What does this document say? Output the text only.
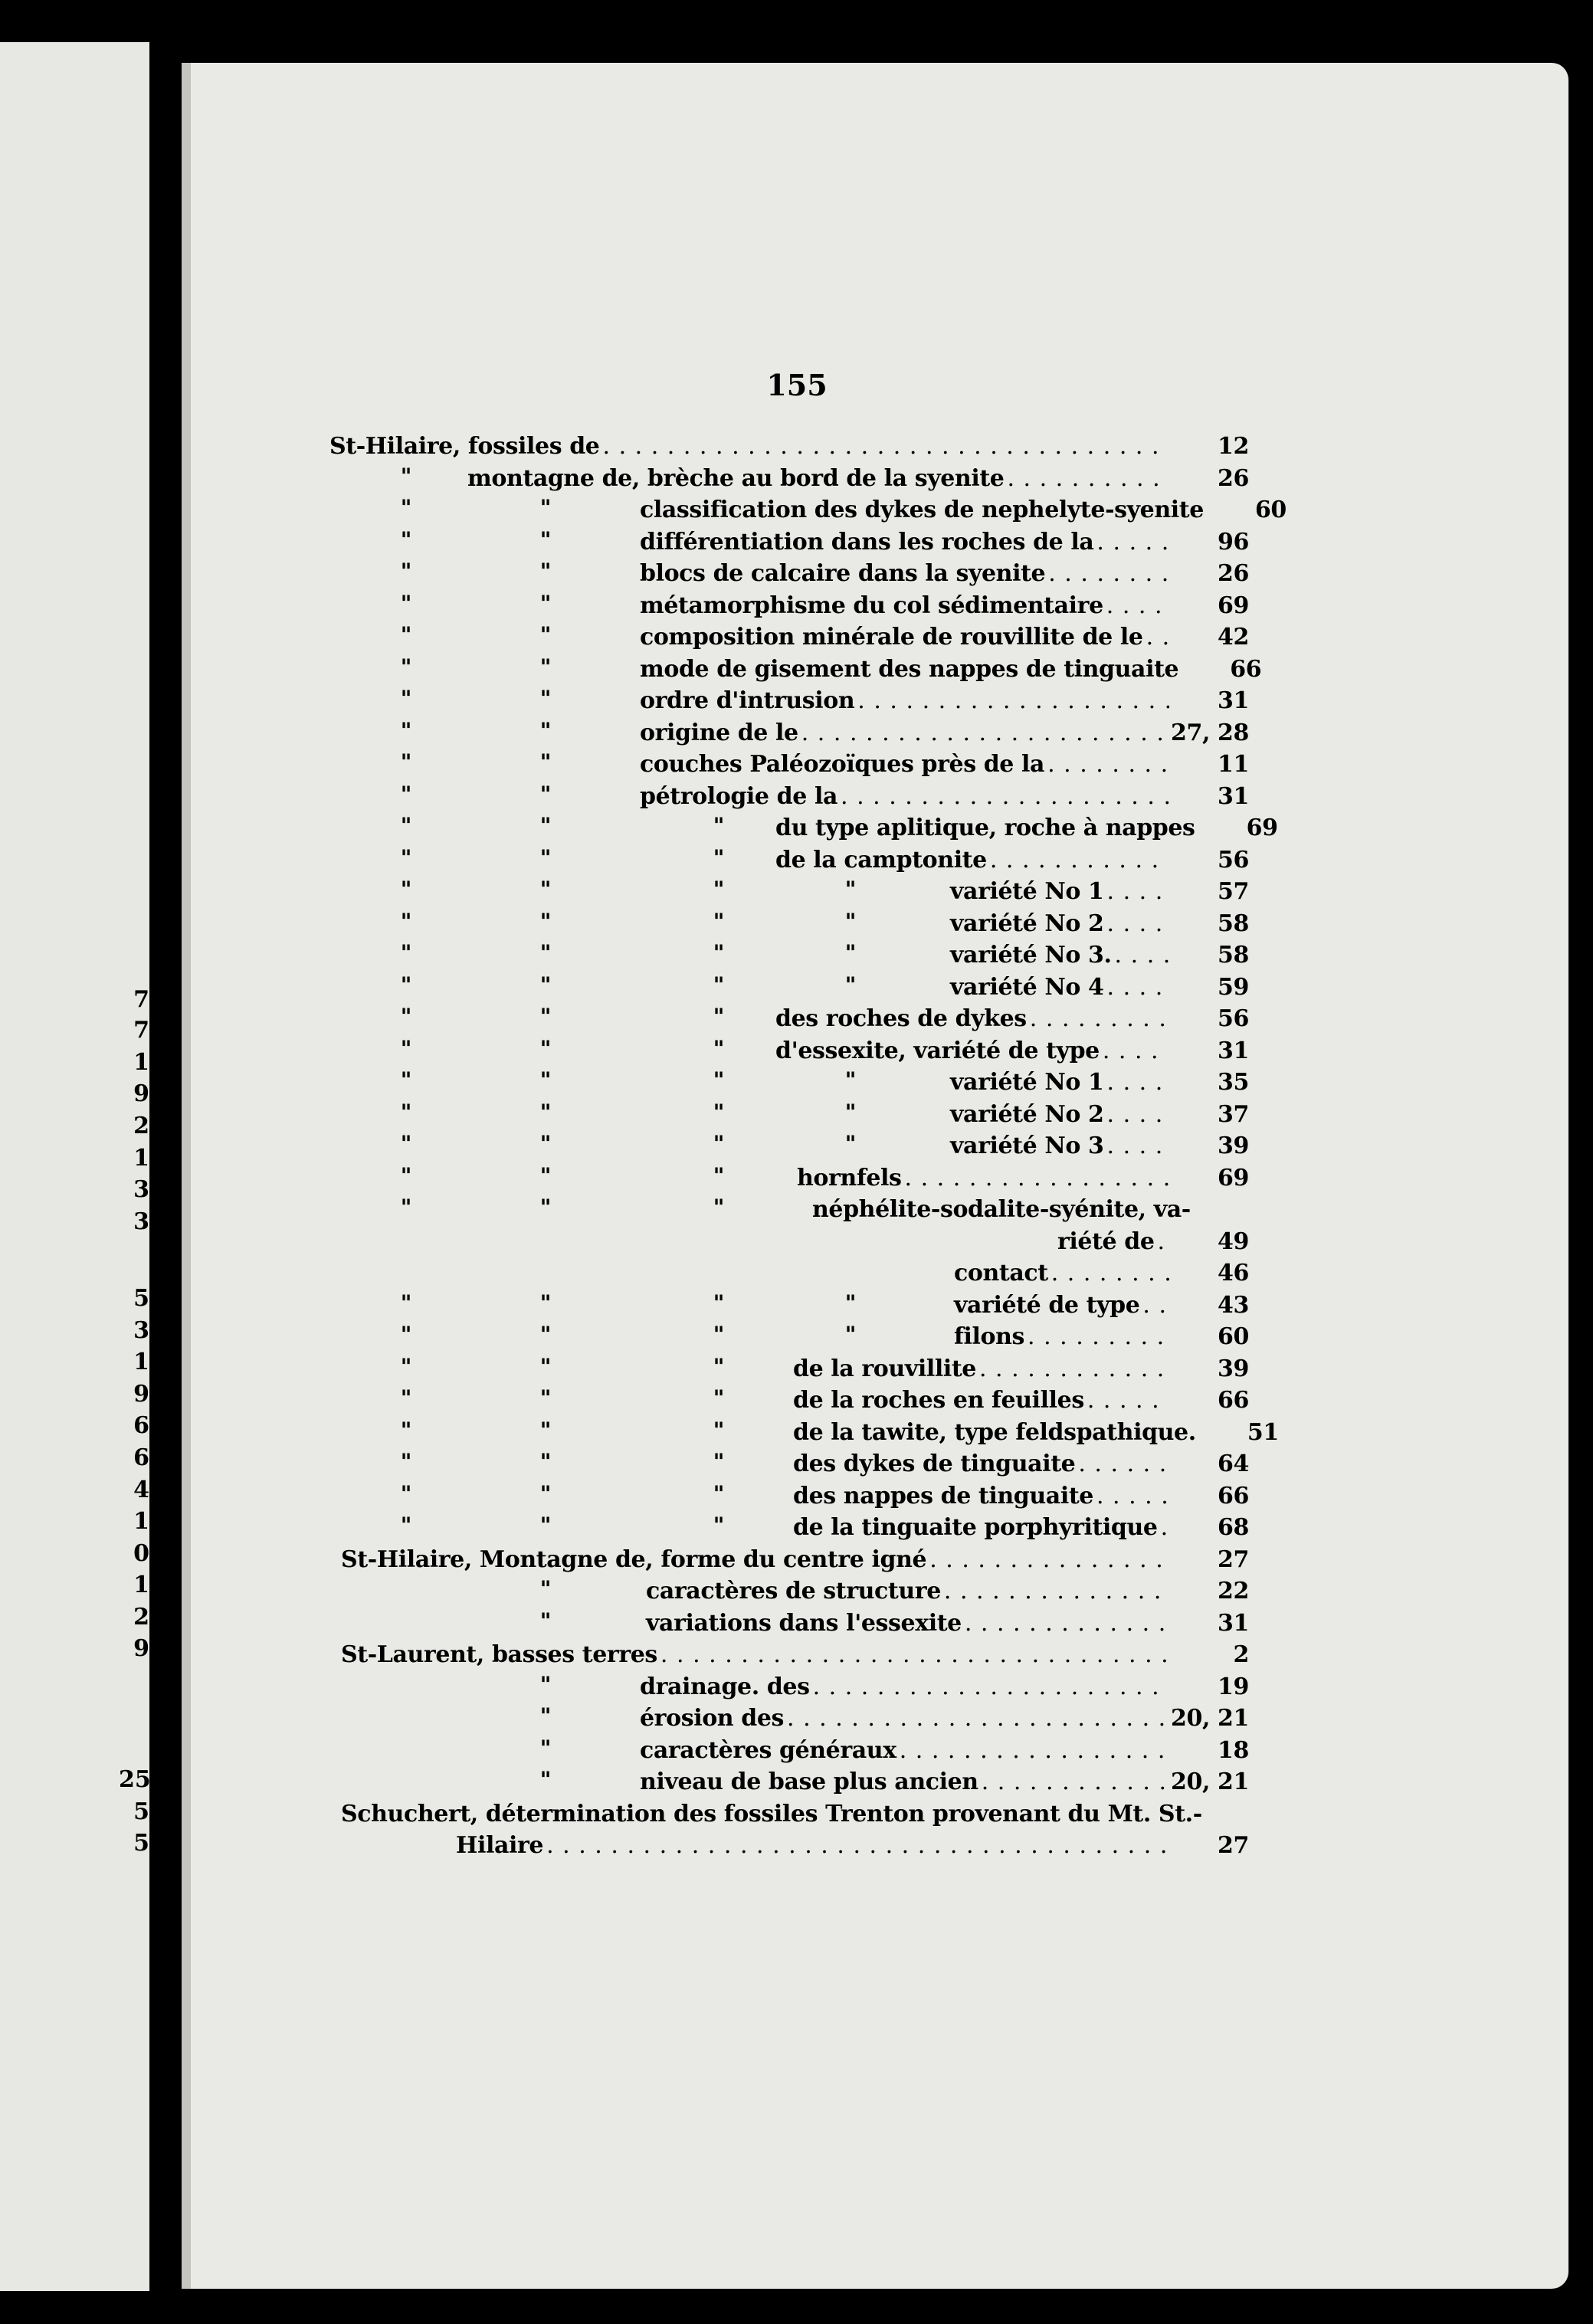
7
7
1
9
2
1
3
3
5
3
1
9
6
6
4
1
0
1
2
9
25
5
5
155
St-Hilaire, fossiles de . . .	12
" montagne de, brèche au bord de la syenite . . .	26
"	"	classification des dykes de nephelyte-syenite	60
"	"	différentiation dans les roches de la . . .	96
"	"	blocs de calcaire dans la syenite . . .	26
"	"	métamorphisme du col sédimentaire . . .	69
"	"	composition minérale de rouvillite de le . . .	42
"	"	mode de gisement des nappes de tinguaite	66
"	"	ordre d'intrusion . . .	31
"	"	origine de le . . .	27, 28
"	"	couches Paléozoïques près de la . . .	11
"	"	pétrologie de la . . .	31
"	"	" du type aplitique, roche à nappes	69
"	"	" de la camptonite . . .	56
"	"	"	"	variété No 1 . . .	57
"	"	"	"	variété No 2 . . .	58
"	"	"	"	variété No 3. . . .	58
"	"	"	"	variété No 4 . . .	59
"	"	" des roches de dykes . . .	56
"	"	" d'essexite, variété de type . . .	31
"	"	"	"	variété No 1 . . .	35
"	"	"	"	variété No 2 . . .	37
"	"	"	"	variété No 3 . . .	39
"	"	"	hornfels . . .	69
"	"	"	néphélite-sodalite-syénite, va-
riété de . . .	49
contact . . .	46
"	"	"	"	variété de type . . .	43
"	"	"	"	filons . . .	60
"	"	"	de la rouvillite . . .	39
"	"	"	de la roches en feuilles . . .	66
"	"	"	de la tawite, type feldspathique.	51
"	"	"	des dykes de tinguaite . . .	64
"	"	"	des nappes de tinguaite . . .	66
"	"	"	de la tinguaite porphyritique . . .	68
St-Hilaire, Montagne de, forme du centre igné . . .	27
"	caractères de structure . . .	22
"	variations dans l'essexite . . .	31
St-Laurent, basses terres . . .	2
"	drainage. des . . .	19
"	érosion des . . .	20, 21
"	caractères généraux . . .	18
"	niveau de base plus ancien . . .	20, 21
Schuchert, détermination des fossiles Trenton provenant du Mt. St.-
Hilaire . . .	27
